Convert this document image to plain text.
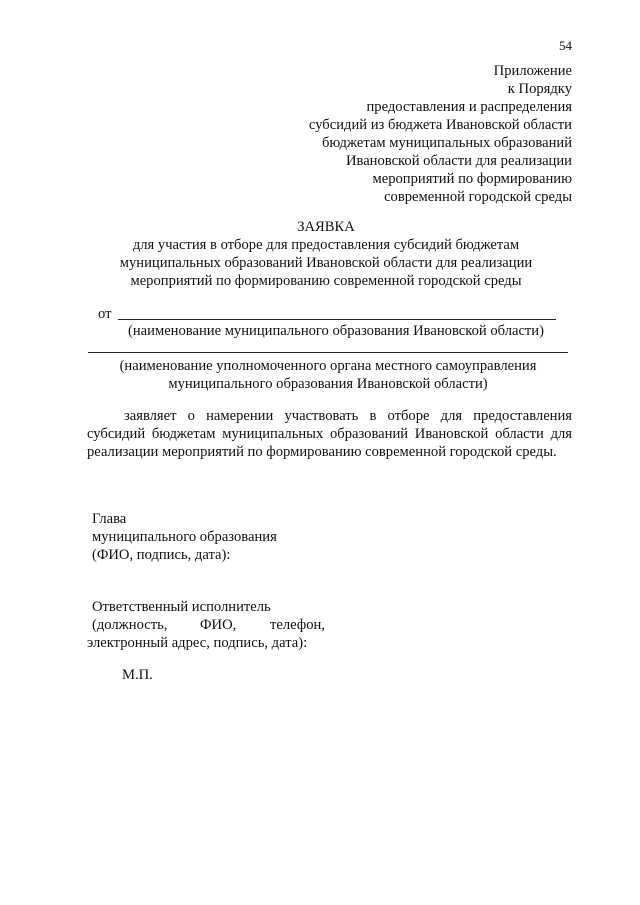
54
Приложение
к Порядку
предоставления и распределения
субсидий из бюджета Ивановской области
бюджетам муниципальных образований
Ивановской области для реализации
мероприятий по формированию
современной городской среды
ЗАЯВКА
для участия в отборе для предоставления субсидий бюджетам
муниципальных образований Ивановской области для реализации
мероприятий по формированию современной городской среды
от
(наименование муниципального образования Ивановской области)
(наименование уполномоченного органа местного самоуправления
муниципального образования Ивановской области)
заявляет о намерении участвовать в отборе для предоставления
субсидий бюджетам муниципальных образований Ивановской области для
реализации мероприятий по формированию современной городской среды.
Глава
муниципального образования
(ФИО, подпись, дата):
Ответственный исполнитель
(должность, ФИО, телефон,
электронный адрес, подпись, дата):
М.П.
